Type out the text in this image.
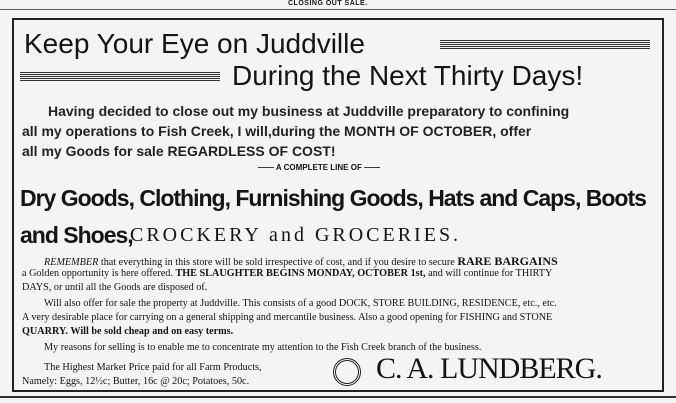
CLOSING OUT SALE.
Keep Your Eye on Juddville
During the Next Thirty Days!
Having decided to close out my business at Juddville preparatory to confining
all my operations to Fish Creek, I will,during the MONTH OF OCTOBER, offer
all my Goods for sale REGARDLESS OF COST!
—— A COMPLETE LINE OF ——
Dry Goods, Clothing, Furnishing Goods, Hats and Caps, Boots and Shoes,
CROCKERY and GROCERIES.
REMEMBER that everything in this store will be sold irrespective of cost, and if you desire to secure RARE BARGAINS
a Golden opportunity is here offered. THE SLAUGHTER BEGINS MONDAY, OCTOBER 1st, and will continue for THIRTY
DAYS, or until all the Goods are disposed of.
Will also offer for sale the property at Juddville. This consists of a good DOCK, STORE BUILDING, RESIDENCE, etc., etc.
A very desirable place for carrying on a general shipping and mercantile business. Also a good opening for FISHING and STONE
QUARRY. Will be sold cheap and on easy terms.
My reasons for selling is to enable me to concentrate my attention to the Fish Creek branch of the business.
The Highest Market Price paid for all Farm Products,
Namely: Eggs, 12½c; Butter, 16c @ 20c; Potatoes, 50c.	C. A. LUNDBERG.
